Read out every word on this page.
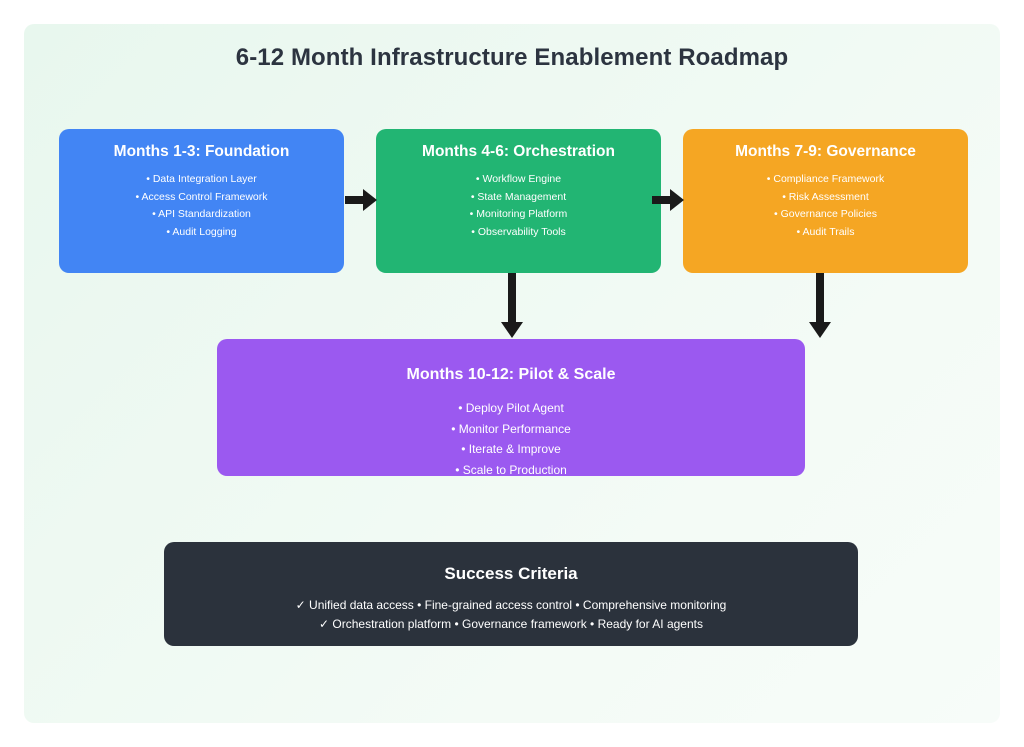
6-12 Month Infrastructure Enablement Roadmap
Months 1-3: Foundation
• Data Integration Layer
• Access Control Framework
• API Standardization
• Audit Logging
Months 4-6: Orchestration
• Workflow Engine
• State Management
• Monitoring Platform
• Observability Tools
Months 7-9: Governance
• Compliance Framework
• Risk Assessment
• Governance Policies
• Audit Trails
Months 10-12: Pilot & Scale
• Deploy Pilot Agent
• Monitor Performance
• Iterate & Improve
• Scale to Production
Success Criteria
✓ Unified data access • Fine-grained access control • Comprehensive monitoring
✓ Orchestration platform • Governance framework • Ready for AI agents
